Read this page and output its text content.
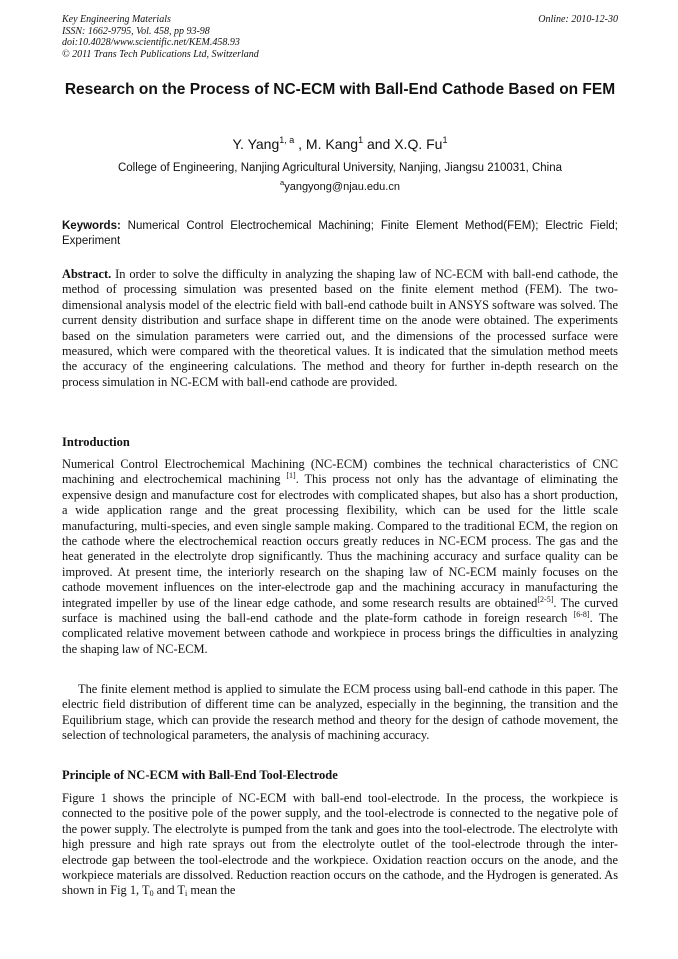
Key Engineering Materials
ISSN: 1662-9795, Vol. 458, pp 93-98
doi:10.4028/www.scientific.net/KEM.458.93
© 2011 Trans Tech Publications Ltd, Switzerland
Online: 2010-12-30
Research on the Process of NC-ECM with Ball-End Cathode Based on FEM
Y. Yang$^{1, a}$ , M. Kang$^1$ and X.Q. Fu$^1$
College of Engineering, Nanjing Agricultural University, Nanjing, Jiangsu 210031, China
$^a$yangyong@njau.edu.cn
Keywords: Numerical Control Electrochemical Machining; Finite Element Method(FEM); Electric Field; Experiment
Abstract. In order to solve the difficulty in analyzing the shaping law of NC-ECM with ball-end cathode, the method of processing simulation was presented based on the finite element method (FEM). The two-dimensional analysis model of the electric field with ball-end cathode built in ANSYS software was solved. The current density distribution and surface shape in different time on the anode were obtained. The experiments based on the simulation parameters were carried out, and the dimensions of the processed surface were measured, which were compared with the theoretical values. It is indicated that the simulation method meets the accuracy of the engineering calculations. The method and theory for further in-depth research on the process simulation in NC-ECM with ball-end cathode are provided.
Introduction
Numerical Control Electrochemical Machining (NC-ECM) combines the technical characteristics of CNC machining and electrochemical machining [1]. This process not only has the advantage of eliminating the expensive design and manufacture cost for electrodes with complicated shapes, but also has a short production, a wide application range and the great processing flexibility, which can be used for the little scale manufacturing, multi-species, and even single sample making. Compared to the traditional ECM, the region on the cathode where the electrochemical reaction occurs greatly reduces in NC-ECM process. The gas and the heat generated in the electrolyte drop significantly. Thus the machining accuracy and surface quality can be improved. At present time, the interiorly research on the shaping law of NC-ECM mainly focuses on the cathode movement influences on the inter-electrode gap and the machining accuracy in manufacturing the integrated impeller by use of the linear edge cathode, and some research results are obtained[2-5]. The curved surface is machined using the ball-end cathode and the plate-form cathode in foreign research [6-8]. The complicated relative movement between cathode and workpiece in process brings the difficulties in analyzing the shaping law of NC-ECM.
The finite element method is applied to simulate the ECM process using ball-end cathode in this paper. The electric field distribution of different time can be analyzed, especially in the beginning, the transition and the Equilibrium stage, which can provide the research method and theory for the design of cathode movement, the selection of technological parameters, the analysis of machining accuracy.
Principle of NC-ECM with Ball-End Tool-Electrode
Figure 1 shows the principle of NC-ECM with ball-end tool-electrode. In the process, the workpiece is connected to the positive pole of the power supply, and the tool-electrode is connected to the negative pole of the power supply. The electrolyte is pumped from the tank and goes into the tool-electrode. The electrolyte with high pressure and high rate sprays out from the electrolyte outlet of the tool-electrode through the inter-electrode gap between the tool-electrode and the workpiece. Oxidation reaction occurs on the anode, and the workpiece materials are dissolved. Reduction reaction occurs on the cathode, and the Hydrogen is generated. As shown in Fig 1, $T_0$ and $T_i$ mean the
